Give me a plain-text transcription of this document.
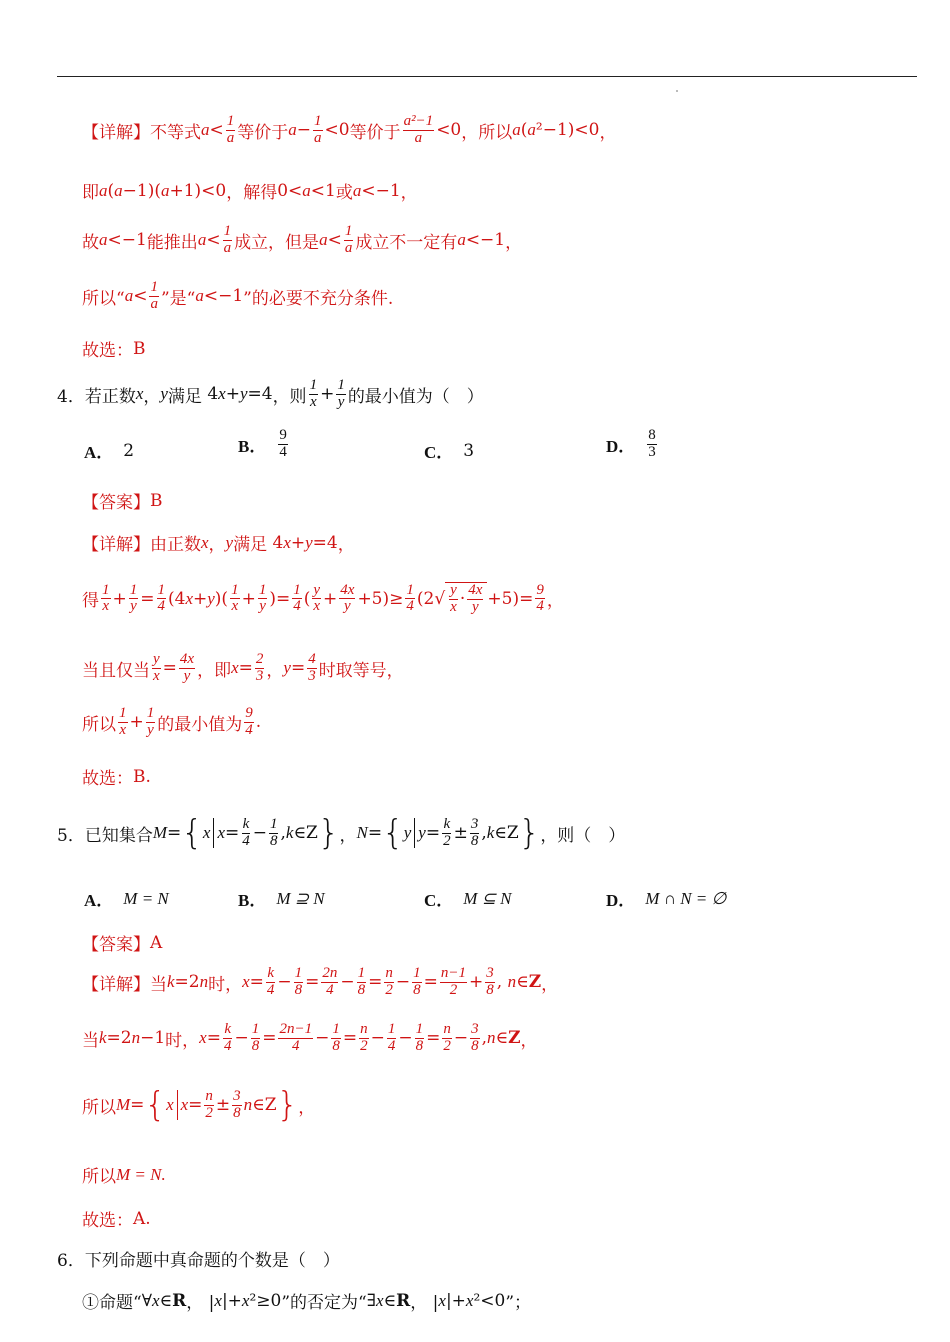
【详解】 不等式 $a < \frac{1}{a}$ 等价于 $a - \frac{1}{a} <0$ 等价于 $\frac{\text{a²−1}}{a} <0$ ，所以 a ( a ²−1)<0 ，
即 a ( a −1)( a +1)<0 ，解得 0< a <1 或 a <−1 ，
故 a <−1 能推出 $a < \frac{1}{a}$ 成立，但是 $a < \frac{1}{a}$ 成立不一定有 a <−1 ，
所以“ $a < \frac{1}{a}$ ”是“ a <−1 ”的必要不充分条件.
故选： B
4． 若正数 x ， y 满足 4 x + y =4 ，则 $\frac{1}{x} + \frac{1}{y}$ 的最小值为（　）
A． 2	B． $\frac{9}{4}$	C． 3	D． $\frac{8}{3}$
【答案】 B
【详解】 由正数 x ， y 满足 4 x + y =4 ，
得 $\frac{1}{x} + \frac{1}{y} = \frac{1}{4} (4$ x + y )( $\frac{1}{x} + \frac{1}{y}$ )= $\frac{1}{4}$ ( $\frac{y}{x} + \frac{4x}{y} +5)\ge \frac{1}{4} (2√ \frac{y}{x} \cdot \frac{4x}{y} +5)= \frac{9}{4}$ ，
当且仅当 $\frac{y}{x} = \frac{4x}{y}$ ，即 $x = \frac{2}{3}$ ， $y = \frac{4}{3}$ 时取等号，
所以 $\frac{1}{x} + \frac{1}{y}$ 的最小值为 $\frac{9}{4}$ .
故选： B.
5． 已知集合 M = { x $x = \frac{k}{4} - \frac{1}{8}$ , k ∈Z } ， N = { y $y = \frac{k}{2} \pm \frac{3}{8}$ , k ∈Z } ，则（　）
A． M = N	B． M ⊇ N	C． M ⊆ N	D． M ∩ N = ∅
【答案】 A
【详解】 当 k =2 n 时， $x = \frac{k}{4} - \frac{1}{8} = \frac{2n}{4} - \frac{1}{8} = \frac{n}{2} - \frac{1}{8} = \frac{n-1}{2} + \frac{3}{8}$ , n ∈ Z ，
当 k =2 n −1 时， $x = \frac{k}{4} - \frac{1}{8} = \frac{2n-1}{4} - \frac{1}{8} = \frac{n}{2} - \frac{1}{4} - \frac{1}{8} = \frac{n}{2} - \frac{3}{8}$ , n ∈ Z ，
所以 M = { x $x = \frac{n}{2} \pm \frac{3}{8}$ n ∈Z } ，
所以 M = N.
故选： A.
6． 下列命题中真命题的个数是（　）
①命题“ ∀ x ∈ R ， | x |+ x ²≥0 ”的否定为“ ∃ x ∈ R ， | x |+ x ²<0 ”；
